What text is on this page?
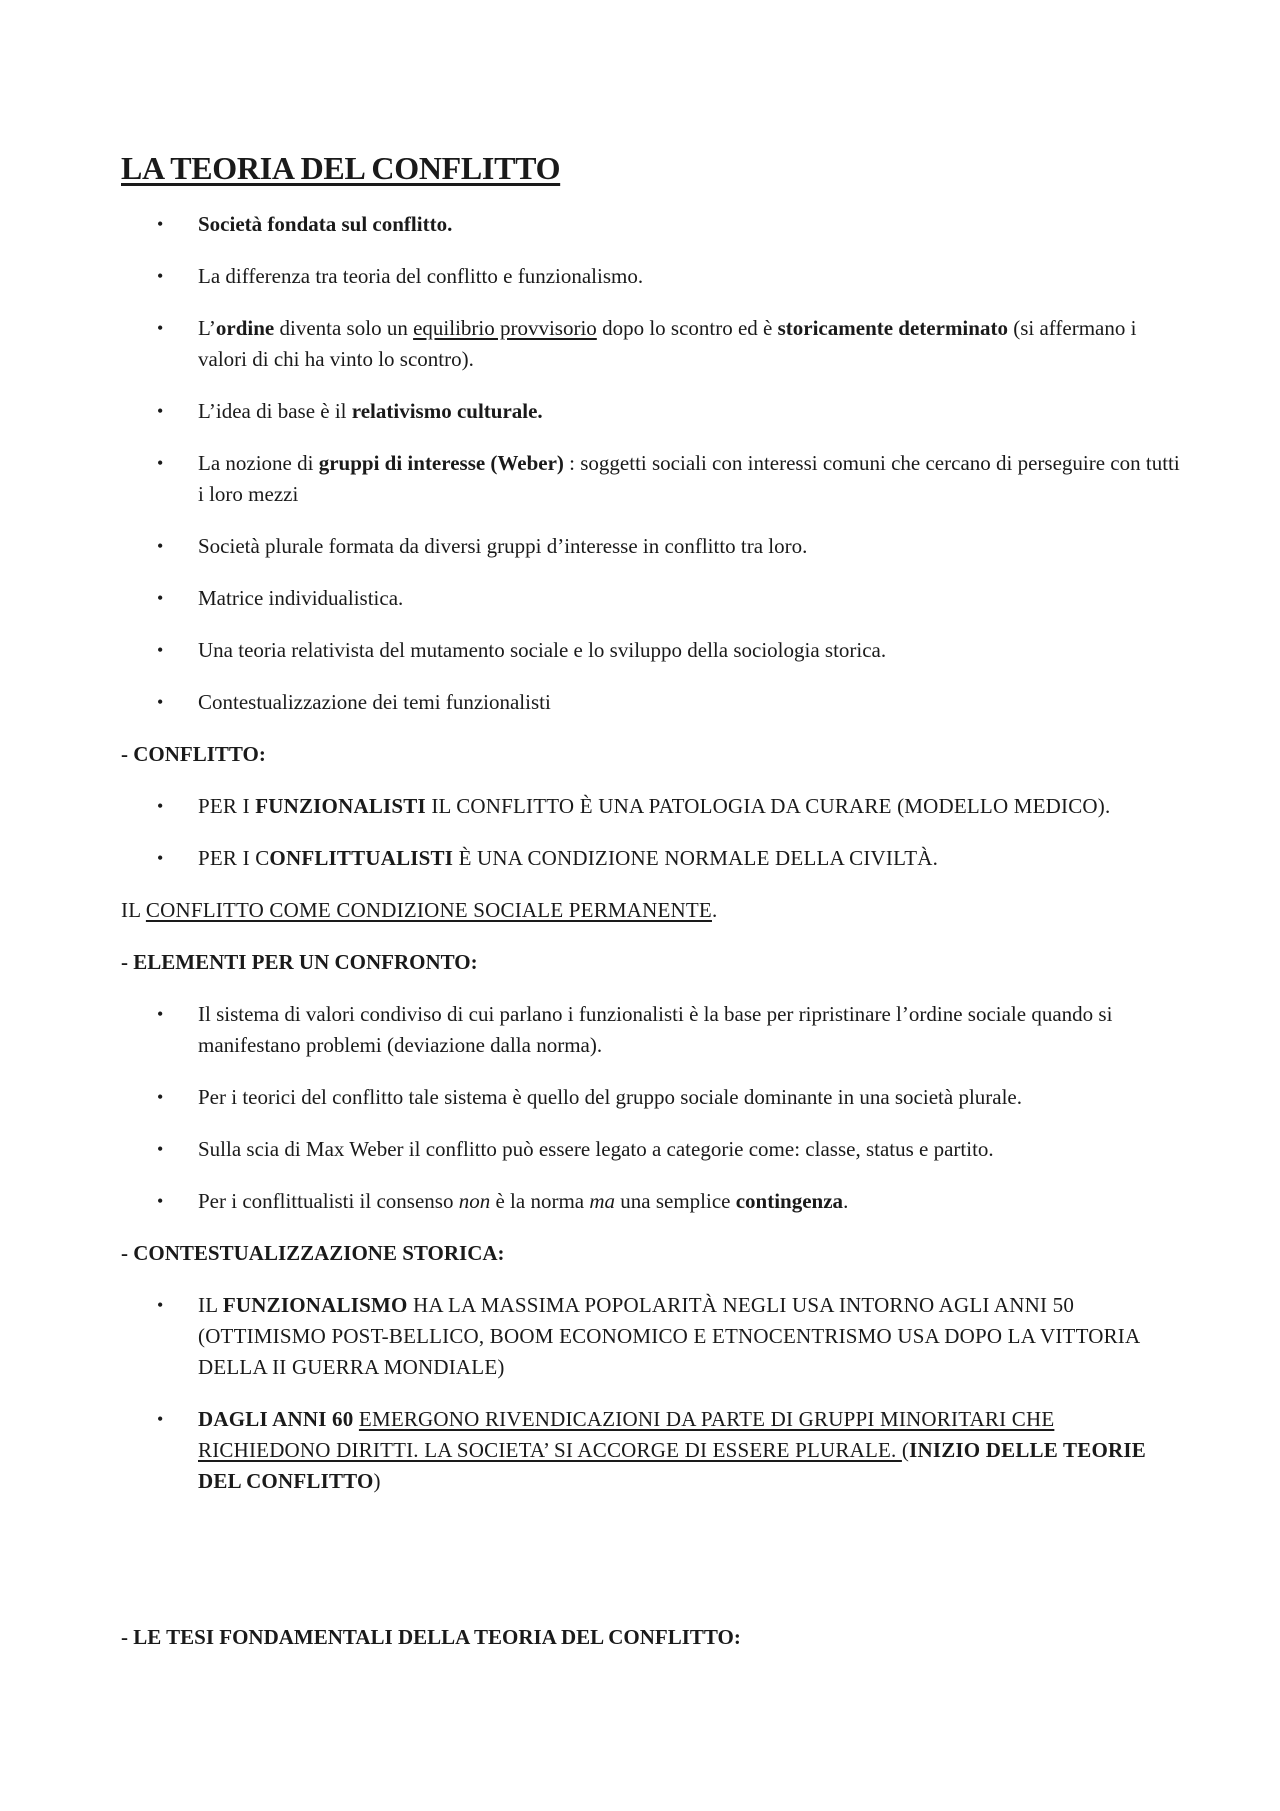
LA TEORIA DEL CONFLITTO
• Società fondata sul conflitto.
• La differenza tra teoria del conflitto e funzionalismo.
• L’ordine diventa solo un equilibrio provvisorio dopo lo scontro ed è storicamente determinato (si affermano i valori di chi ha vinto lo scontro).
• L’idea di base è il relativismo culturale.
• La nozione di gruppi di interesse (Weber) : soggetti sociali con interessi comuni che cercano di perseguire con tutti i loro mezzi
• Società plurale formata da diversi gruppi d’interesse in conflitto tra loro.
• Matrice individualistica.
• Una teoria relativista del mutamento sociale e lo sviluppo della sociologia storica.
• Contestualizzazione dei temi funzionalisti
- CONFLITTO:
• PER I FUNZIONALISTI IL CONFLITTO È UNA PATOLOGIA DA CURARE (MODELLO MEDICO).
• PER I CONFLITTUALISTI È UNA CONDIZIONE NORMALE DELLA CIVILTÀ.
IL CONFLITTO COME CONDIZIONE SOCIALE PERMANENTE.
- ELEMENTI PER UN CONFRONTO:
• Il sistema di valori condiviso di cui parlano i funzionalisti è la base per ripristinare l’ordine sociale quando si manifestano problemi (deviazione dalla norma).
• Per i teorici del conflitto tale sistema è quello del gruppo sociale dominante in una società plurale.
• Sulla scia di Max Weber il conflitto può essere legato a categorie come: classe, status e partito.
• Per i conflittualisti il consenso non è la norma ma una semplice contingenza.
- CONTESTUALIZZAZIONE STORICA:
• IL FUNZIONALISMO HA LA MASSIMA POPOLARITÀ NEGLI USA INTORNO AGLI ANNI 50 (OTTIMISMO POST-BELLICO, BOOM ECONOMICO E ETNOCENTRISMO USA DOPO LA VITTORIA DELLA II GUERRA MONDIALE)
• DAGLI ANNI 60 EMERGONO RIVENDICAZIONI DA PARTE DI GRUPPI MINORITARI CHE RICHIEDONO DIRITTI. LA SOCIETA’ SI ACCORGE DI ESSERE PLURALE. (INIZIO DELLE TEORIE DEL CONFLITTO)
- LE TESI FONDAMENTALI DELLA TEORIA DEL CONFLITTO:
